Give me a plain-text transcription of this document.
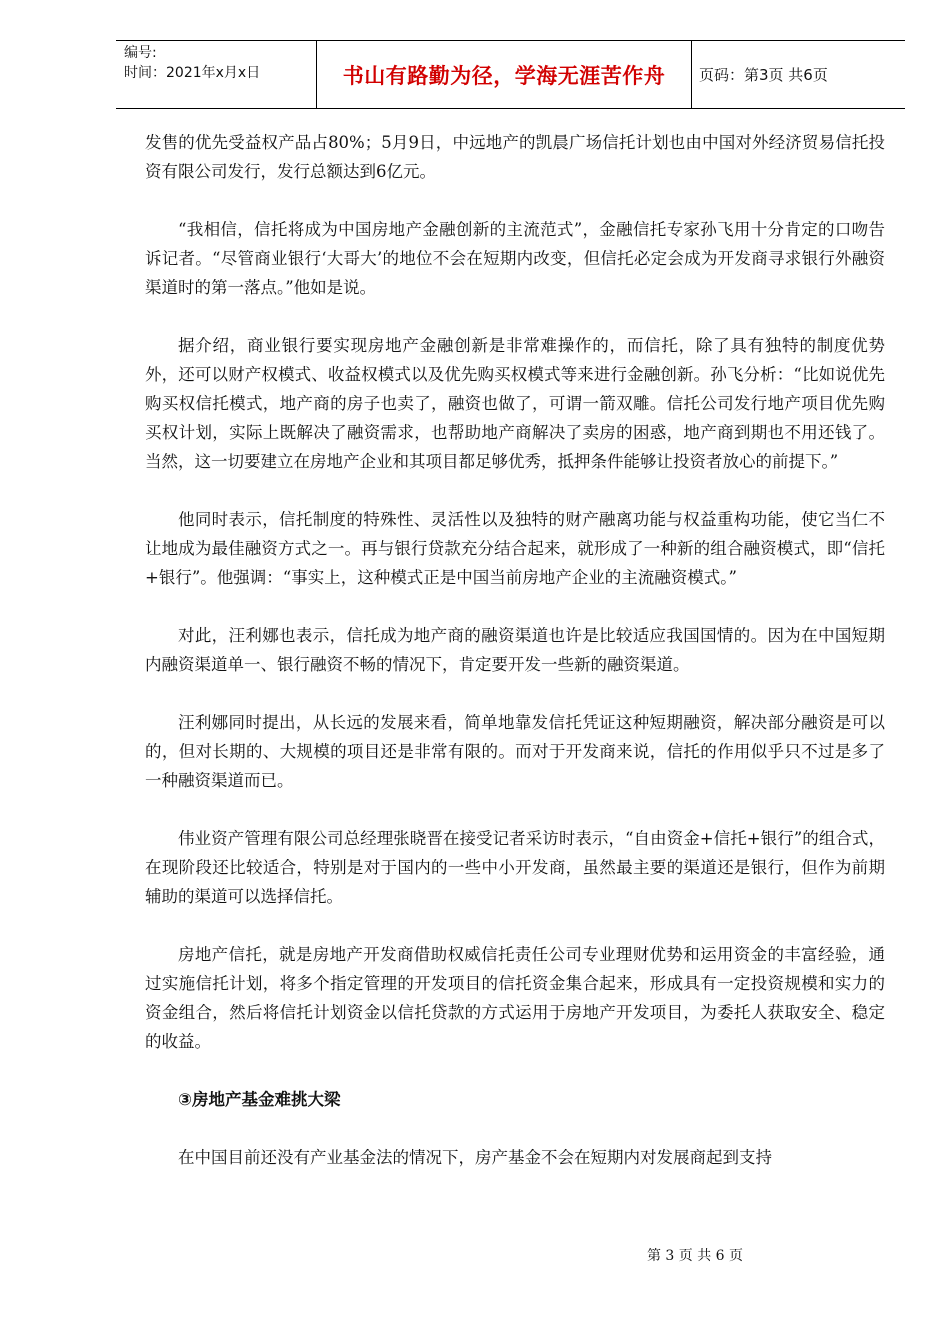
编号:
时间：2021年x月x日	书山有路勤为径，学海无涯苦作舟 页码：第3页 共6页

发售的优先受益权产品占80%；5月9日，中远地产的凯晨广场信托计划也由中国对外经济贸易信托投资有限公司发行，发行总额达到6亿元。

“我相信，信托将成为中国房地产金融创新的主流范式”，金融信托专家孙飞用十分肯定的口吻告诉记者。“尽管商业银行‘大哥大’的地位不会在短期内改变，但信托必定会成为开发商寻求银行外融资渠道时的第一落点。”他如是说。

据介绍，商业银行要实现房地产金融创新是非常难操作的，而信托，除了具有独特的制度优势外，还可以财产权模式、收益权模式以及优先购买权模式等来进行金融创新。孙飞分析：“比如说优先购买权信托模式，地产商的房子也卖了，融资也做了，可谓一箭双雕。信托公司发行地产项目优先购买权计划，实际上既解决了融资需求，也帮助地产商解决了卖房的困惑，地产商到期也不用还钱了。当然，这一切要建立在房地产企业和其项目都足够优秀，抵押条件能够让投资者放心的前提下。”

他同时表示，信托制度的特殊性、灵活性以及独特的财产融离功能与权益重构功能，使它当仁不让地成为最佳融资方式之一。再与银行贷款充分结合起来，就形成了一种新的组合融资模式，即“信托+银行”。他强调：“事实上，这种模式正是中国当前房地产企业的主流融资模式。”

对此，汪利娜也表示，信托成为地产商的融资渠道也许是比较适应我国国情的。因为在中国短期内融资渠道单一、银行融资不畅的情况下，肯定要开发一些新的融资渠道。

汪利娜同时提出，从长远的发展来看，简单地靠发信托凭证这种短期融资，解决部分融资是可以的，但对长期的、大规模的项目还是非常有限的。而对于开发商来说，信托的作用似乎只不过是多了一种融资渠道而已。

伟业资产管理有限公司总经理张晓晋在接受记者采访时表示，“自由资金+信托+银行”的组合式，在现阶段还比较适合，特别是对于国内的一些中小开发商，虽然最主要的渠道还是银行，但作为前期辅助的渠道可以选择信托。

房地产信托，就是房地产开发商借助权威信托责任公司专业理财优势和运用资金的丰富经验，通过实施信托计划，将多个指定管理的开发项目的信托资金集合起来，形成具有一定投资规模和实力的资金组合，然后将信托计划资金以信托贷款的方式运用于房地产开发项目，为委托人获取安全、稳定的收益。

③房地产基金难挑大梁

在中国目前还没有产业基金法的情况下，房产基金不会在短期内对发展商起到支持

第 3 页 共 6 页
